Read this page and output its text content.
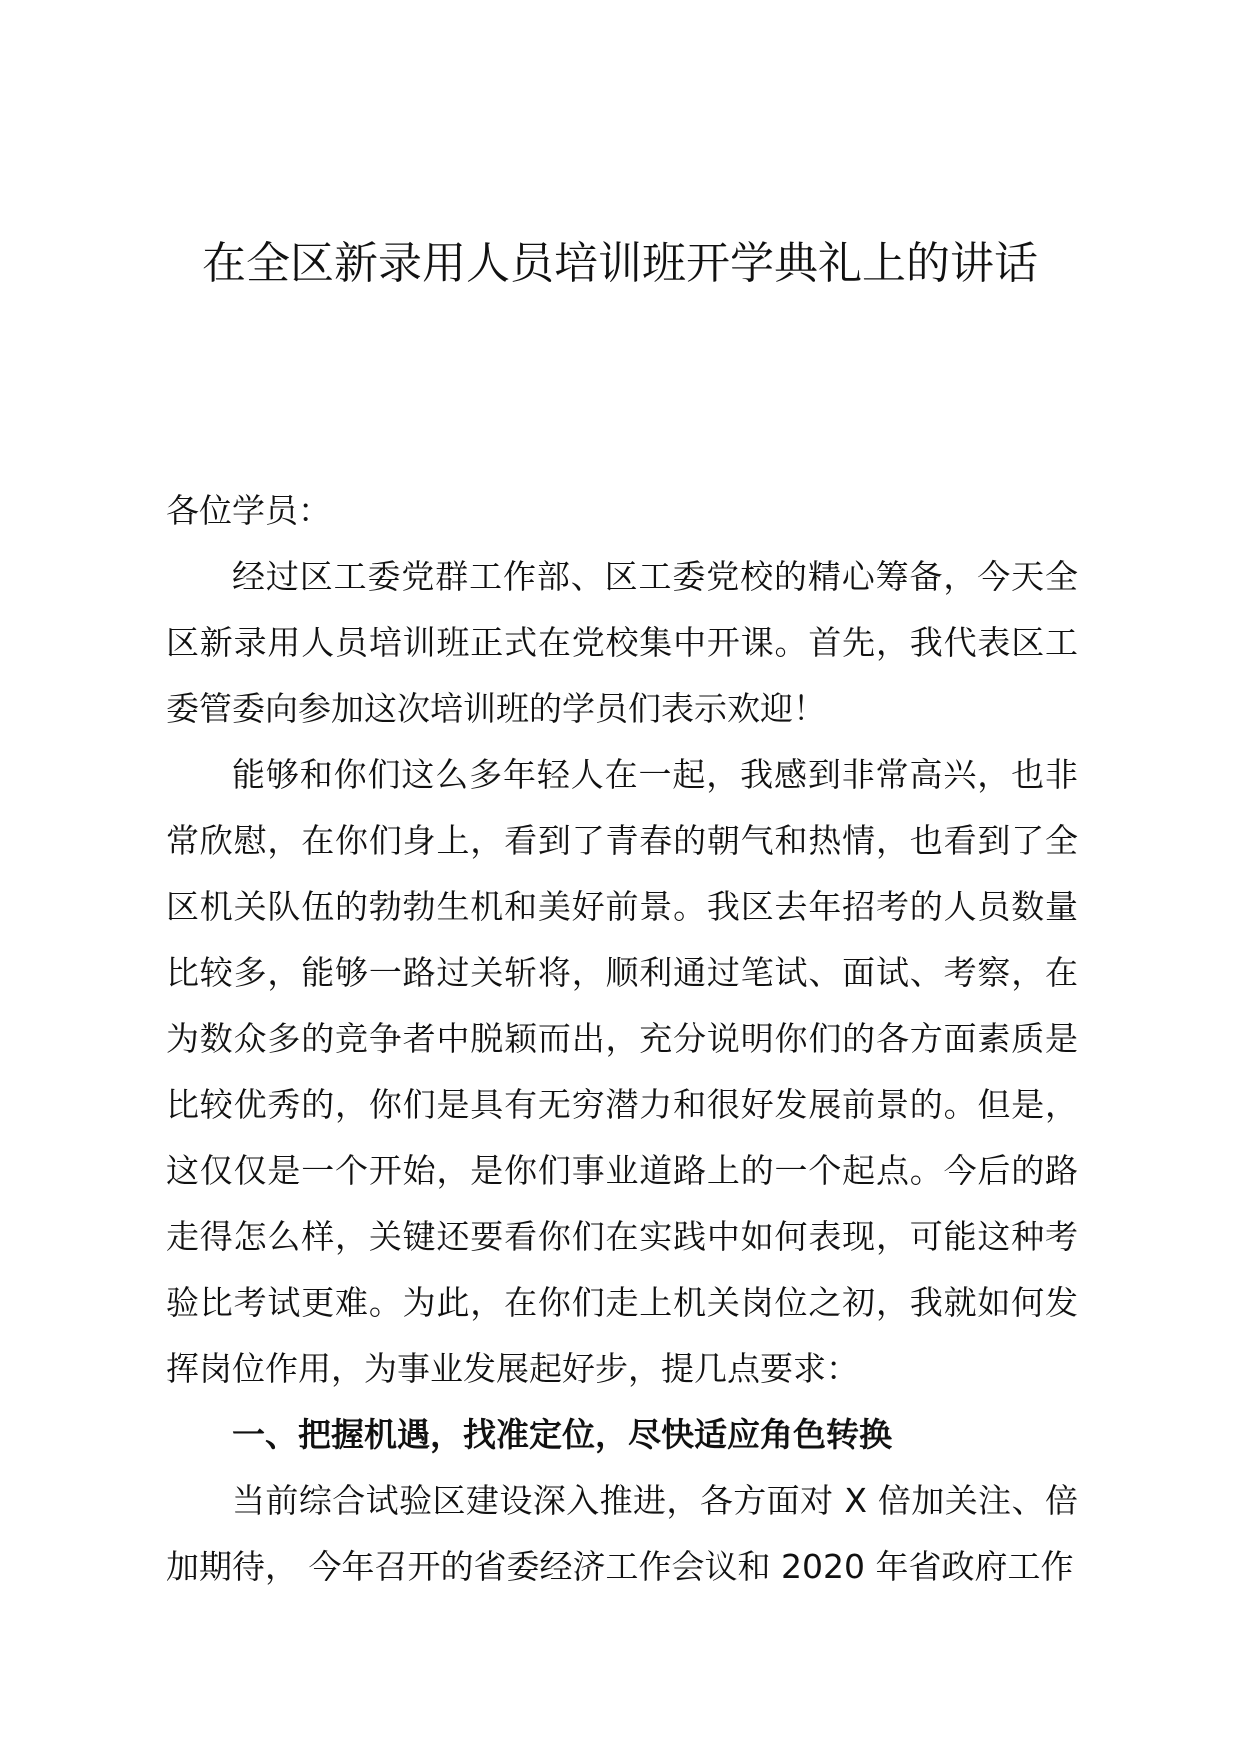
在全区新录用人员培训班开学典礼上的讲话

各位学员：

经过区工委党群工作部、区工委党校的精心筹备，今天全区新录用人员培训班正式在党校集中开课。首先，我代表区工委管委向参加这次培训班的学员们表示欢迎！

能够和你们这么多年轻人在一起，我感到非常高兴，也非常欣慰，在你们身上，看到了青春的朝气和热情，也看到了全区机关队伍的勃勃生机和美好前景。我区去年招考的人员数量比较多，能够一路过关斩将，顺利通过笔试、面试、考察，在为数众多的竞争者中脱颖而出，充分说明你们的各方面素质是比较优秀的，你们是具有无穷潜力和很好发展前景的。但是，这仅仅是一个开始，是你们事业道路上的一个起点。今后的路走得怎么样，关键还要看你们在实践中如何表现，可能这种考验比考试更难。为此，在你们走上机关岗位之初，我就如何发挥岗位作用，为事业发展起好步，提几点要求：

一、把握机遇，找准定位，尽快适应角色转换

当前综合试验区建设深入推进，各方面对 X 倍加关注、倍加期待， 今年召开的省委经济工作会议和 2020 年省政府工作
